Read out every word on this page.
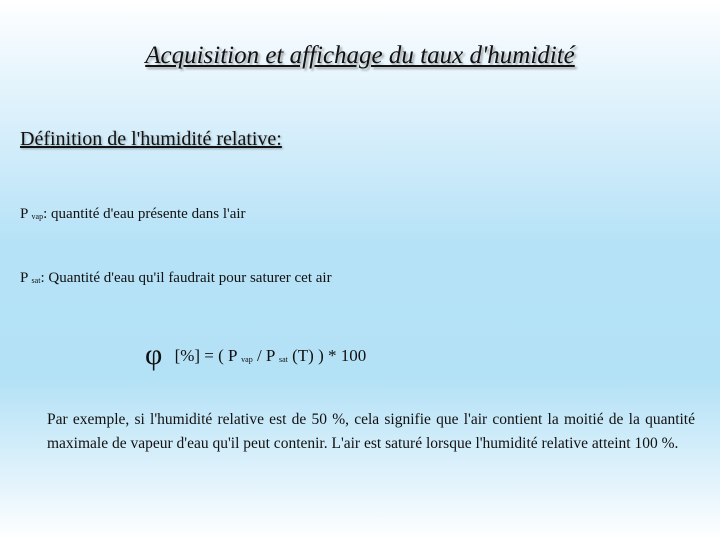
Acquisition et affichage du taux d'humidité
Définition de l'humidité relative:
P $_{vap}$: quantité d'eau présente dans l'air
P $_{sat}$: Quantité d'eau qu'il faudrait pour saturer cet air
φ [%] = ( P $_{vap}$ / P $_{sat}$ (T) ) * 100

Par exemple, si l'humidité relative est de 50 %, cela signifie que l'air contient la moitié de la quantité maximale de vapeur d'eau qu'il peut contenir. L'air est saturé lorsque l'humidité relative atteint 100 %.
